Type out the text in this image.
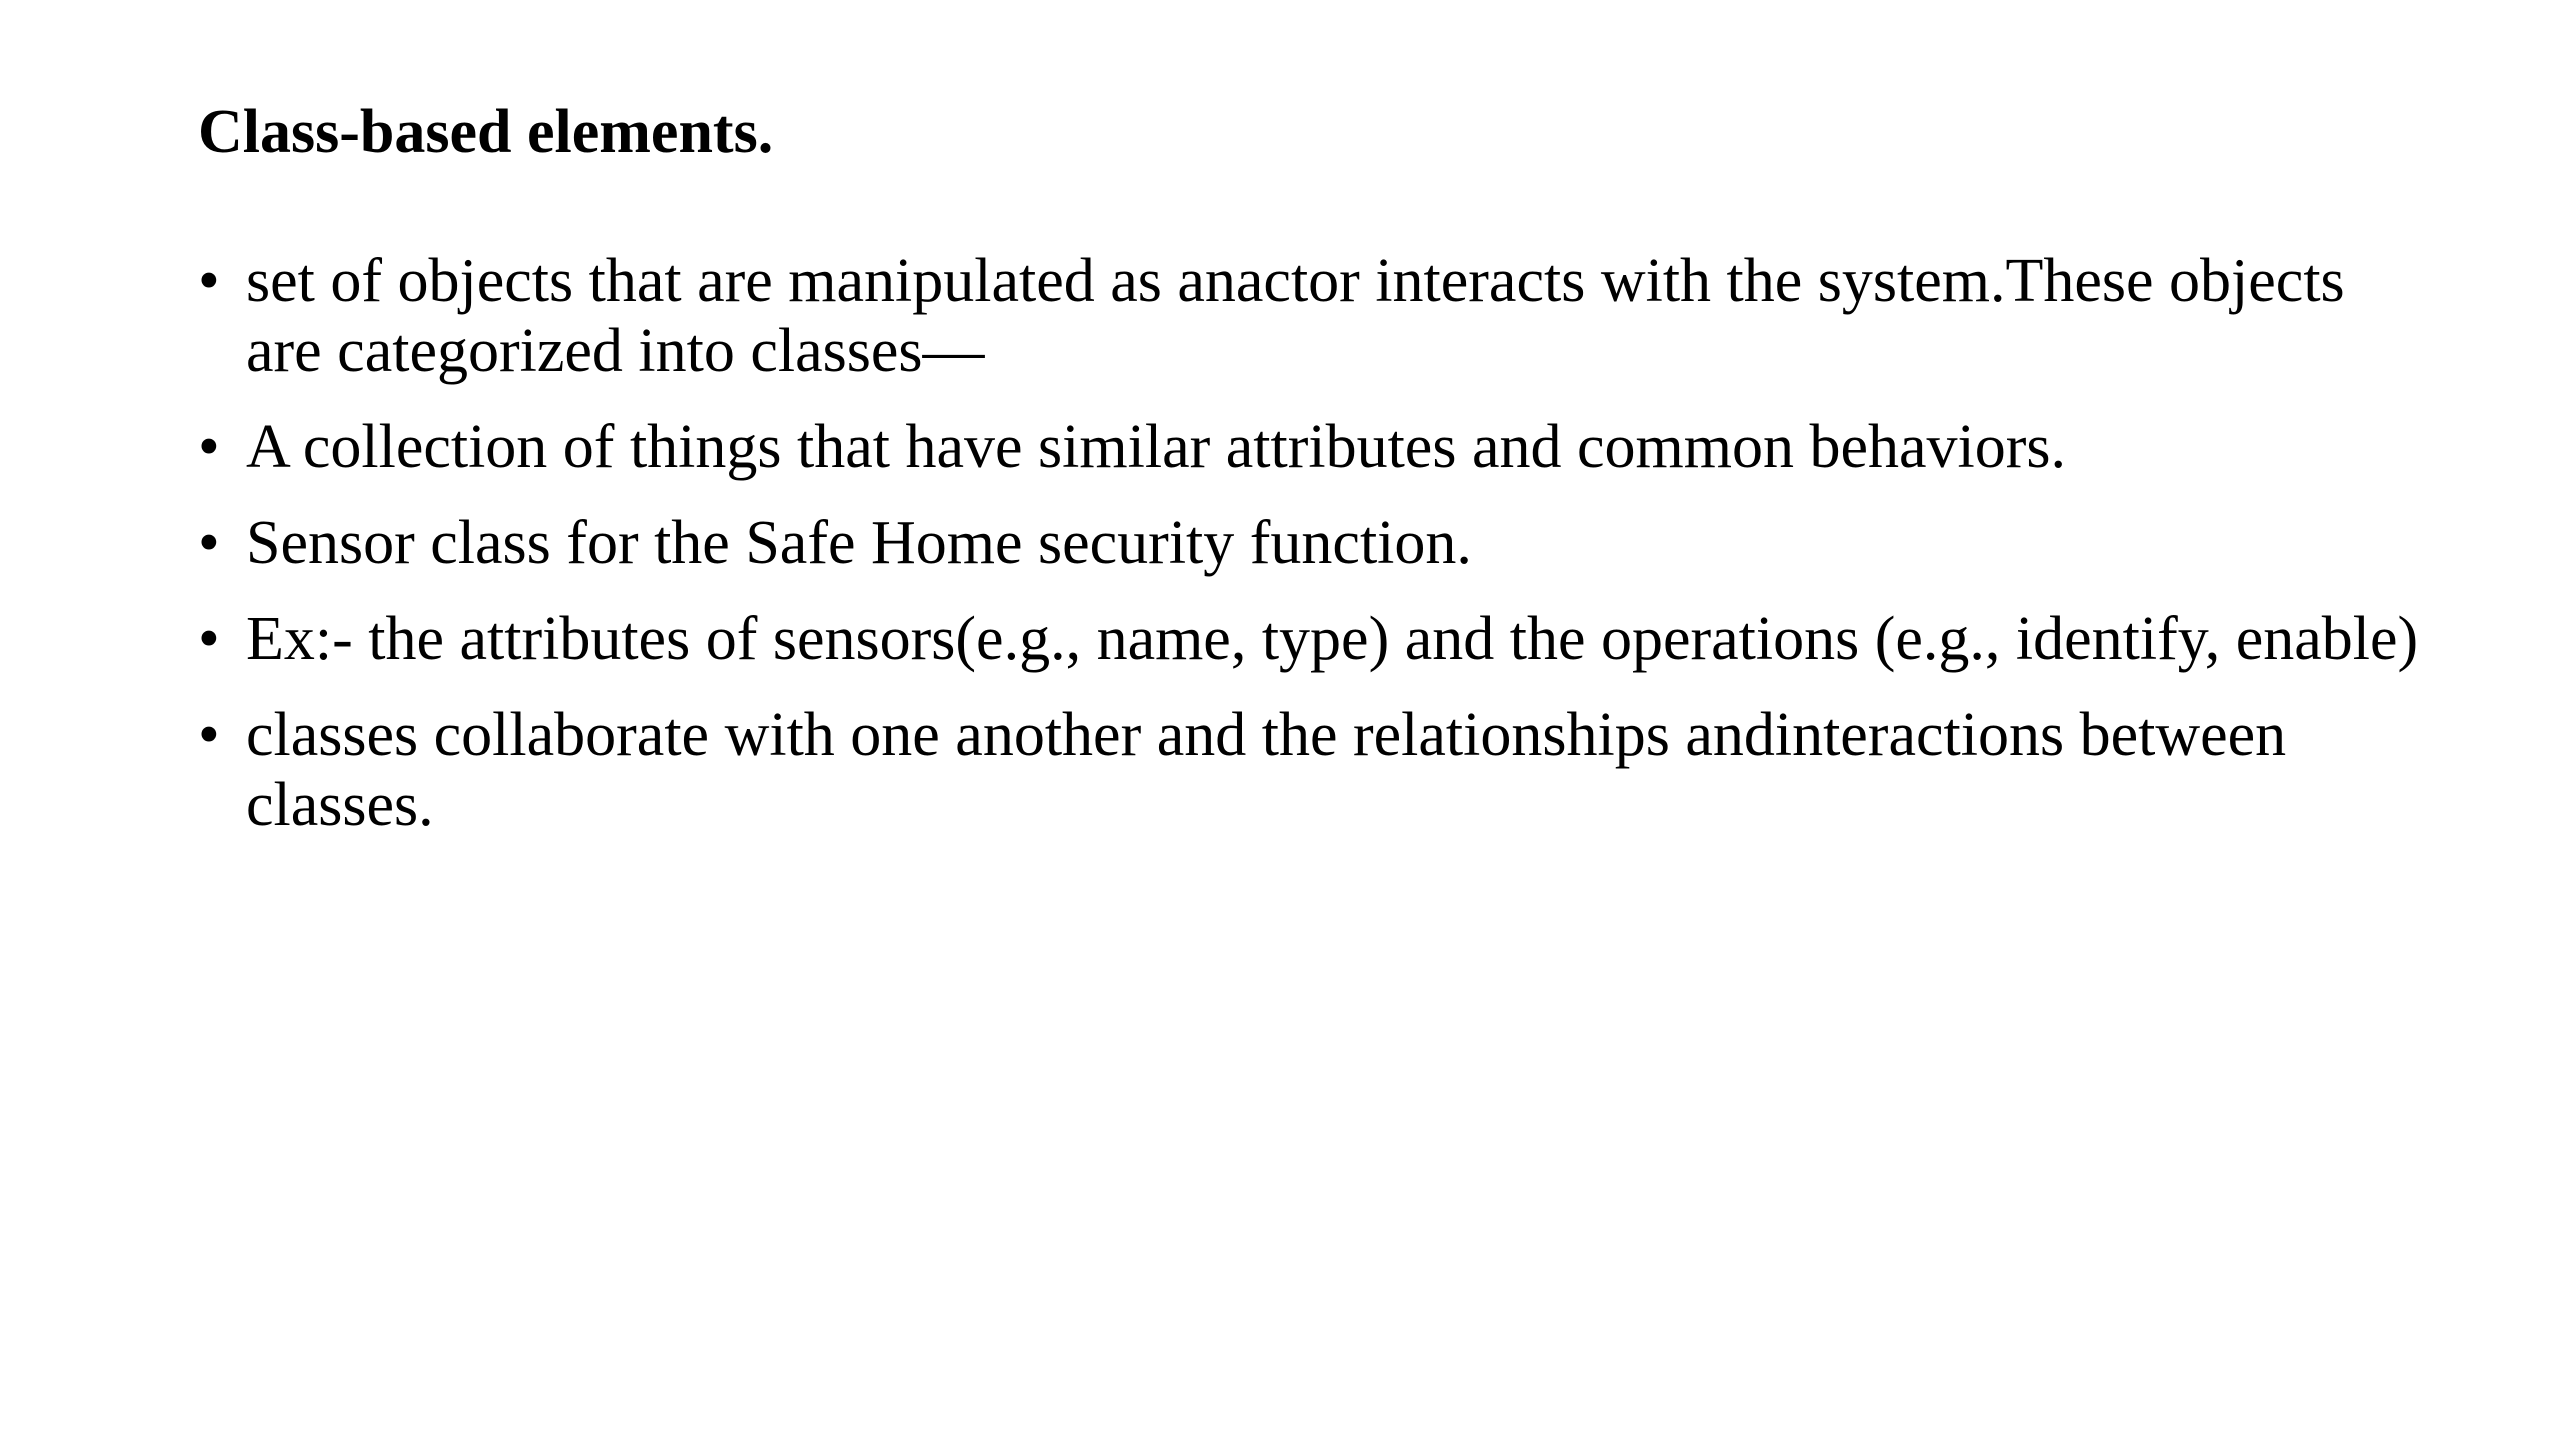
Class-based elements.
• set of objects that are manipulated as anactor interacts with the system.These objects are categorized into classes—
• A collection of things that have similar attributes and common behaviors.
• Sensor class for the Safe Home security function.
• Ex:- the attributes of sensors(e.g., name, type) and the operations (e.g., identify, enable)
• classes collaborate with one another and the relationships andinteractions between classes.
